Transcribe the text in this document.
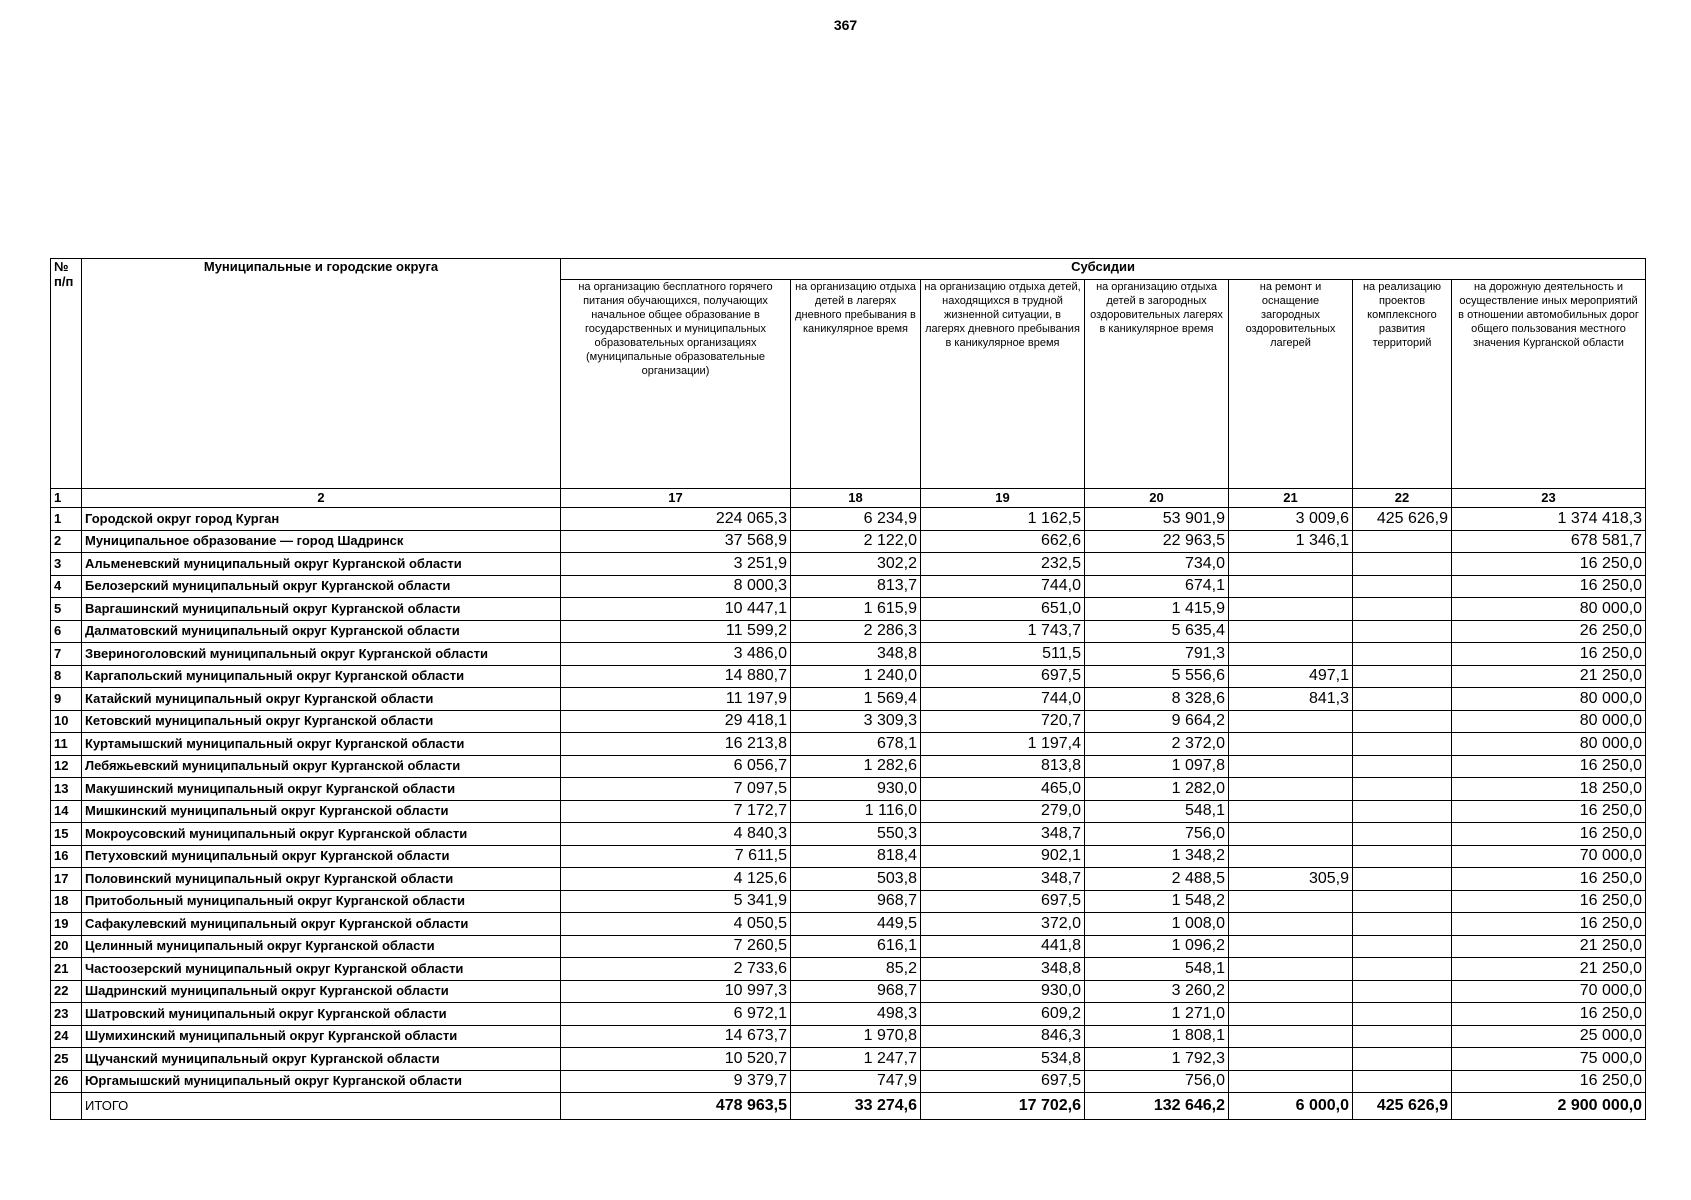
367
№ п/п	Муниципальные и городские округа	Субсидии						
		на организацию бесплатного горячего питания обучающихся, получающих начальное общее образование в государственных и муниципальных образовательных организациях (муниципальные образовательные организации)	на организацию отдыха детей в лагерях дневного пребывания в каникулярное время	на организацию отдыха детей, находящихся в трудной жизненной ситуации, в лагерях дневного пребывания в каникулярное время	на организацию отдыха детей в загородных оздоровительных лагерях в каникулярное время	на ремонт и оснащение загородных оздоровительных лагерей	на реализацию проектов комплексного развития территорий	на дорожную деятельность и осуществление иных мероприятий в отношении автомобильных дорог общего пользования местного значения Курганской области
1	2	17	18	19	20	21	22	23
1	Городской округ город Курган	224 065,3	6 234,9	1 162,5	53 901,9	3 009,6	425 626,9	1 374 418,3
2	Муниципальное образование — город Шадринск	37 568,9	2 122,0	662,6	22 963,5	1 346,1		678 581,7
3	Альменевский муниципальный округ Курганской области	3 251,9	302,2	232,5	734,0			16 250,0
4	Белозерский муниципальный округ Курганской области	8 000,3	813,7	744,0	674,1			16 250,0
5	Варгашинский муниципальный округ Курганской области	10 447,1	1 615,9	651,0	1 415,9			80 000,0
6	Далматовский муниципальный округ Курганской области	11 599,2	2 286,3	1 743,7	5 635,4			26 250,0
7	Звериноголовский муниципальный округ Курганской области	3 486,0	348,8	511,5	791,3			16 250,0
8	Каргапольский муниципальный округ Курганской области	14 880,7	1 240,0	697,5	5 556,6	497,1		21 250,0
9	Катайский муниципальный округ Курганской области	11 197,9	1 569,4	744,0	8 328,6	841,3		80 000,0
10	Кетовский муниципальный округ Курганской области	29 418,1	3 309,3	720,7	9 664,2			80 000,0
11	Куртамышский муниципальный округ Курганской области	16 213,8	678,1	1 197,4	2 372,0			80 000,0
12	Лебяжьевский муниципальный округ Курганской области	6 056,7	1 282,6	813,8	1 097,8			16 250,0
13	Макушинский муниципальный округ Курганской области	7 097,5	930,0	465,0	1 282,0			18 250,0
14	Мишкинский муниципальный округ Курганской области	7 172,7	1 116,0	279,0	548,1			16 250,0
15	Мокроусовский муниципальный округ Курганской области	4 840,3	550,3	348,7	756,0			16 250,0
16	Петуховский муниципальный округ Курганской области	7 611,5	818,4	902,1	1 348,2			70 000,0
17	Половинский муниципальный округ Курганской области	4 125,6	503,8	348,7	2 488,5	305,9		16 250,0
18	Притобольный муниципальный округ Курганской области	5 341,9	968,7	697,5	1 548,2			16 250,0
19	Сафакулевский муниципальный округ Курганской области	4 050,5	449,5	372,0	1 008,0			16 250,0
20	Целинный муниципальный округ Курганской области	7 260,5	616,1	441,8	1 096,2			21 250,0
21	Частоозерский муниципальный округ Курганской области	2 733,6	85,2	348,8	548,1			21 250,0
22	Шадринский муниципальный округ Курганской области	10 997,3	968,7	930,0	3 260,2			70 000,0
23	Шатровский муниципальный округ Курганской области	6 972,1	498,3	609,2	1 271,0			16 250,0
24	Шумихинский муниципальный округ Курганской области	14 673,7	1 970,8	846,3	1 808,1			25 000,0
25	Щучанский муниципальный округ Курганской области	10 520,7	1 247,7	534,8	1 792,3			75 000,0
26	Юргамышский муниципальный округ Курганской области	9 379,7	747,9	697,5	756,0			16 250,0
	ИТОГО	478 963,5	33 274,6	17 702,6	132 646,2	6 000,0	425 626,9	2 900 000,0
